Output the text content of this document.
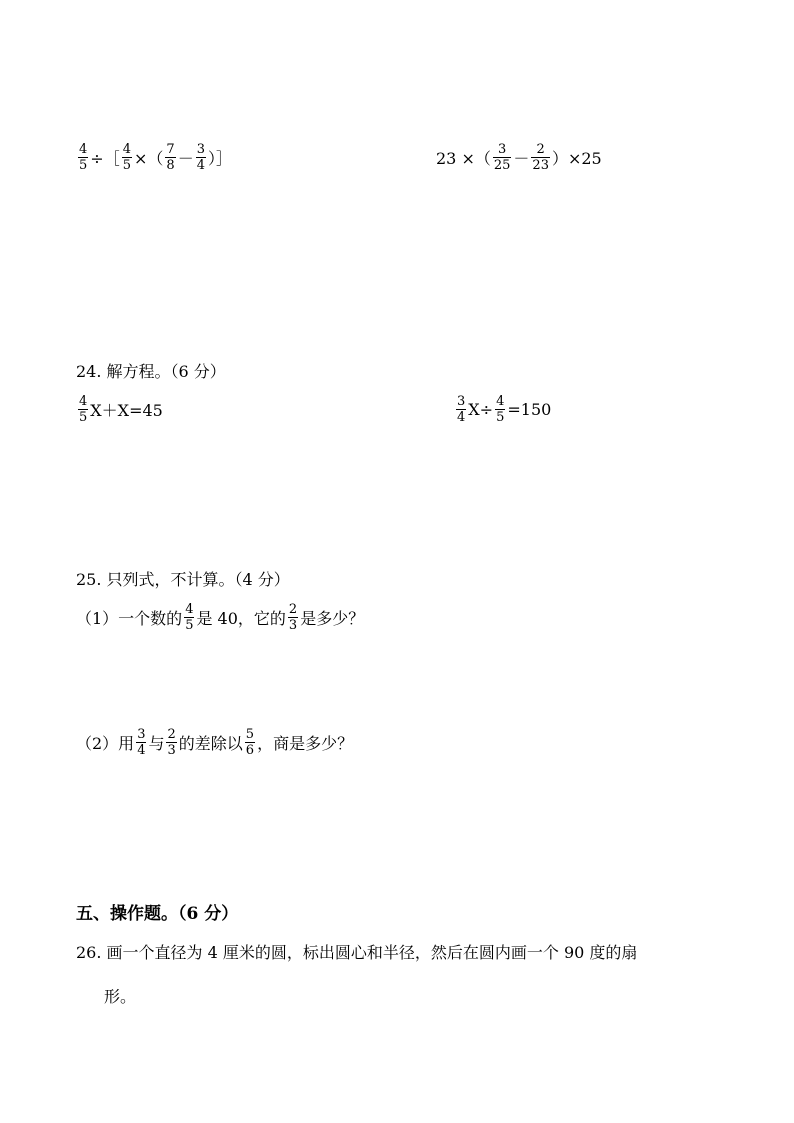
$\frac{4}{5}$ ÷［ $\frac{4}{5}$ ×（ $\frac{7}{8} - \frac{3}{4}$ ）］	23 ×（ $\frac{3}{25} - \frac{2}{23} )\times 25$
24. 解方程。（6 分）
$\frac{4}{5} X+X=45$	$\frac{3}{4} X\div \frac{4}{5} =150$
25. 只列式，不计算。（4 分）
（1）一个数的 $\frac{4}{5}$ 是 40，它的 $\frac{2}{3}$ 是多少？
（2）用 $\frac{3}{4}$ 与 $\frac{2}{3}$ 的差除以 $\frac{5}{6}$ ，商是多少？
五、操作题。（6 分）
26. 画一个直径为 4 厘米的圆，标出圆心和半径，然后在圆内画一个 90 度的扇
形。
